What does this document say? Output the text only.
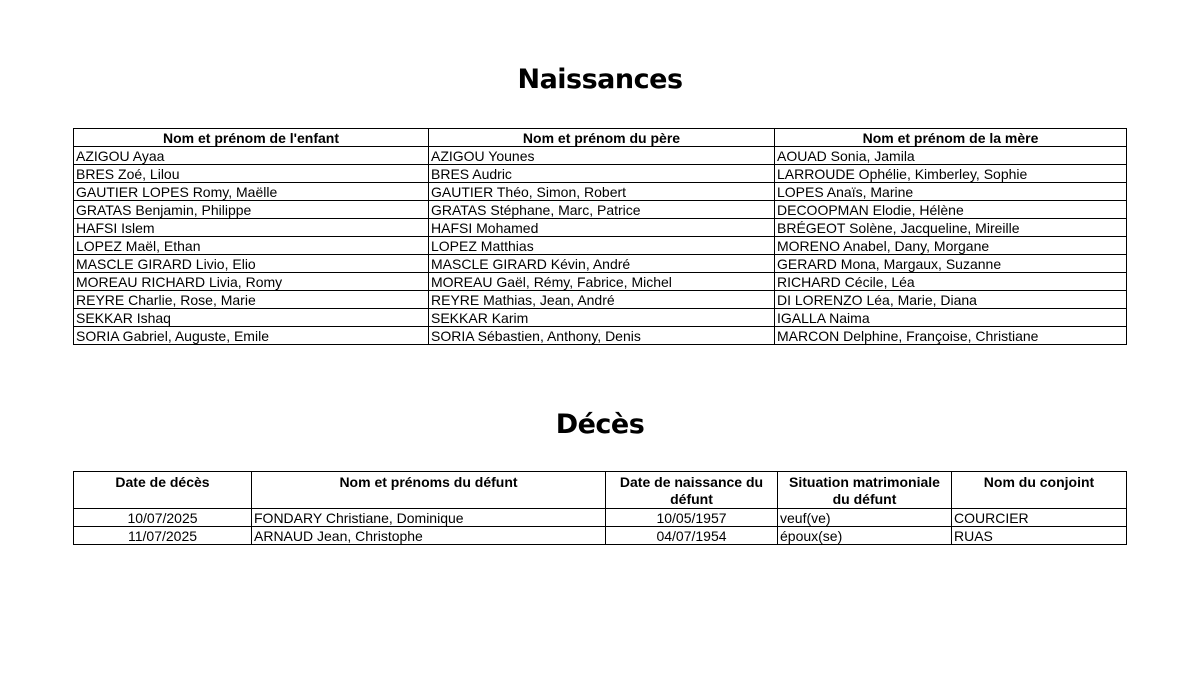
Naissances
Nom et prénom de l'enfant	Nom et prénom du père	Nom et prénom de la mère
AZIGOU Ayaa	AZIGOU Younes	AOUAD Sonia, Jamila
BRES Zoé, Lilou	BRES Audric	LARROUDE Ophélie, Kimberley, Sophie
GAUTIER LOPES Romy, Maëlle	GAUTIER Théo, Simon, Robert	LOPES Anaïs, Marine
GRATAS Benjamin, Philippe	GRATAS Stéphane, Marc, Patrice	DECOOPMAN Elodie, Hélène
HAFSI Islem	HAFSI Mohamed	BRÉGEOT Solène, Jacqueline, Mireille
LOPEZ Maël, Ethan	LOPEZ Matthias	MORENO Anabel, Dany, Morgane
MASCLE GIRARD Livio, Elio	MASCLE GIRARD Kévin, André	GERARD Mona, Margaux, Suzanne
MOREAU RICHARD Livia, Romy	MOREAU Gaël, Rémy, Fabrice, Michel	RICHARD Cécile, Léa
REYRE Charlie, Rose, Marie	REYRE Mathias, Jean, André	DI LORENZO Léa, Marie, Diana
SEKKAR Ishaq	SEKKAR Karim	IGALLA Naima
SORIA Gabriel, Auguste, Emile	SORIA Sébastien, Anthony, Denis	MARCON Delphine, Françoise, Christiane
Décès
Date de décès	Nom et prénoms du défunt	Date de naissance du défunt	Situation matrimoniale du défunt	Nom du conjoint
10/07/2025	FONDARY Christiane, Dominique	10/05/1957	veuf(ve)	COURCIER
11/07/2025	ARNAUD Jean, Christophe	04/07/1954	époux(se)	RUAS
